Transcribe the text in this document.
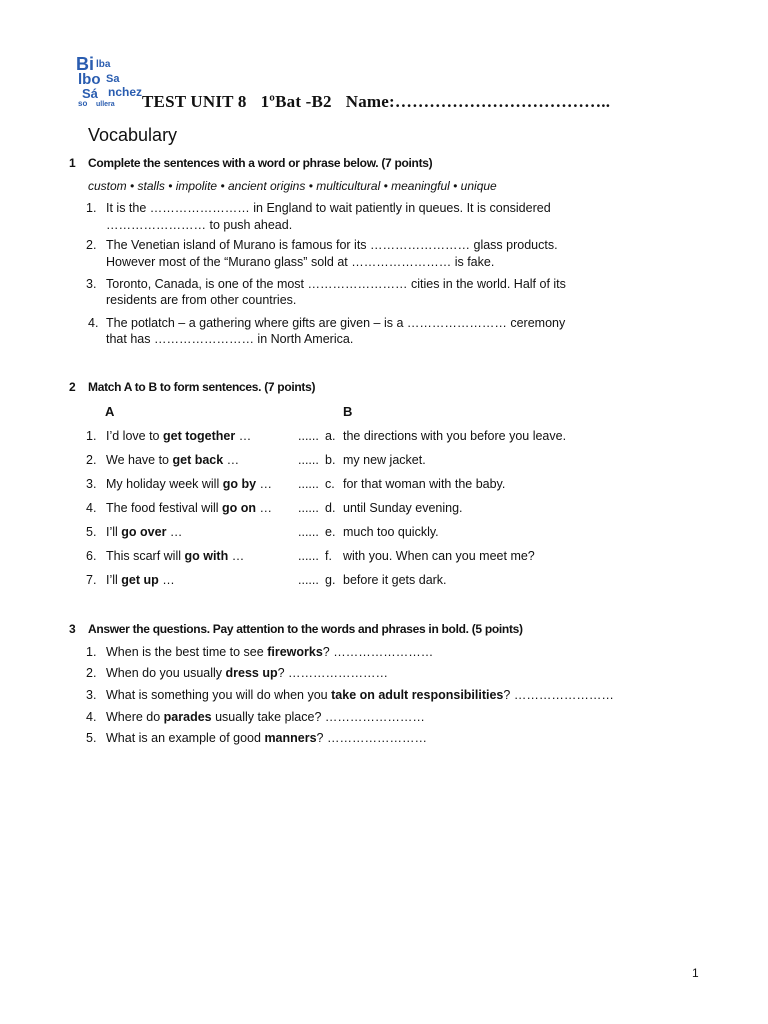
Bi lba
lbo Sa
Sá nchez
so ullera TEST UNIT 8 1ºBat -B2 Name:………………………………..
Vocabulary
1 Complete the sentences with a word or phrase below. (7 points)
custom • stalls • impolite • ancient origins • multicultural • meaningful • unique
1. It is the …………………… in England to wait patiently in queues. It is considered
…………………… to push ahead.
2. The Venetian island of Murano is famous for its …………………… glass products.
However most of the “Murano glass” sold at …………………… is fake.
3. Toronto, Canada, is one of the most …………………… cities in the world. Half of its
residents are from other countries.
4. The potlatch – a gathering where gifts are given – is a …………………… ceremony
that has …………………… in North America.
2 Match A to B to form sentences. (7 points)
A	B
1. I’d love to get together …	...... a. the directions with you before you leave.
2. We have to get back …	...... b. my new jacket.
3. My holiday week will go by … ...... c. for that woman with the baby.
4. The food festival will go on … ...... d. until Sunday evening.
5. I’ll go over …	...... e. much too quickly.
6. This scarf will go with …	...... f. with you. When can you meet me?
7. I’ll get up …	...... g. before it gets dark.
3 Answer the questions. Pay attention to the words and phrases in bold. (5 points)
1. When is the best time to see fireworks? ……………………
2. When do you usually dress up? ……………………
3. What is something you will do when you take on adult responsibilities? ……………………
4. Where do parades usually take place? ……………………
5. What is an example of good manners? ……………………
1
